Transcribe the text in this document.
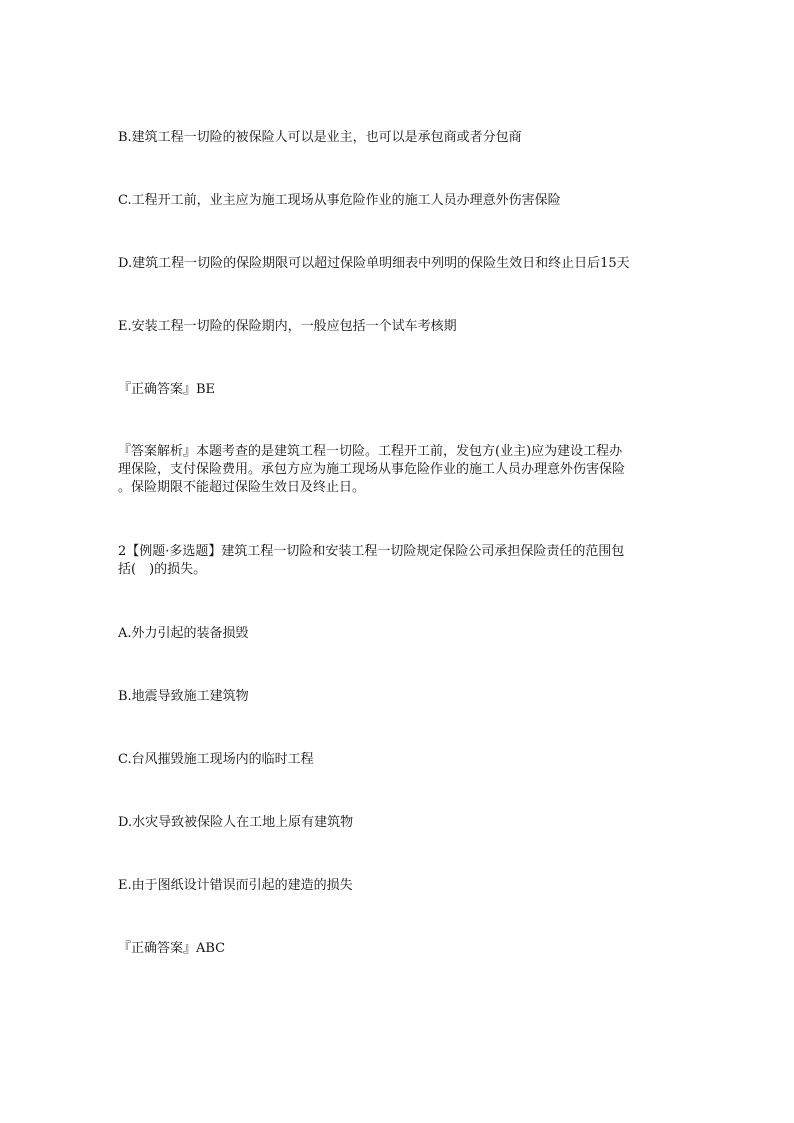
B.建筑工程一切险的被保险人可以是业主，也可以是承包商或者分包商
C.工程开工前，业主应为施工现场从事危险作业的施工人员办理意外伤害保险
D.建筑工程一切险的保险期限可以超过保险单明细表中列明的保险生效日和终止日后15天
E.安装工程一切险的保险期内，一般应包括一个试车考核期
『正确答案』BE
『答案解析』本题考查的是建筑工程一切险。工程开工前，发包方(业主)应为建设工程办
理保险，支付保险费用。承包方应为施工现场从事危险作业的施工人员办理意外伤害保险
。保险期限不能超过保险生效日及终止日。
2【例题·多选题】建筑工程一切险和安装工程一切险规定保险公司承担保险责任的范围包
括(　)的损失。
A.外力引起的装备损毁
B.地震导致施工建筑物
C.台风摧毁施工现场内的临时工程
D.水灾导致被保险人在工地上原有建筑物
E.由于图纸设计错误而引起的建造的损失
『正确答案』ABC
